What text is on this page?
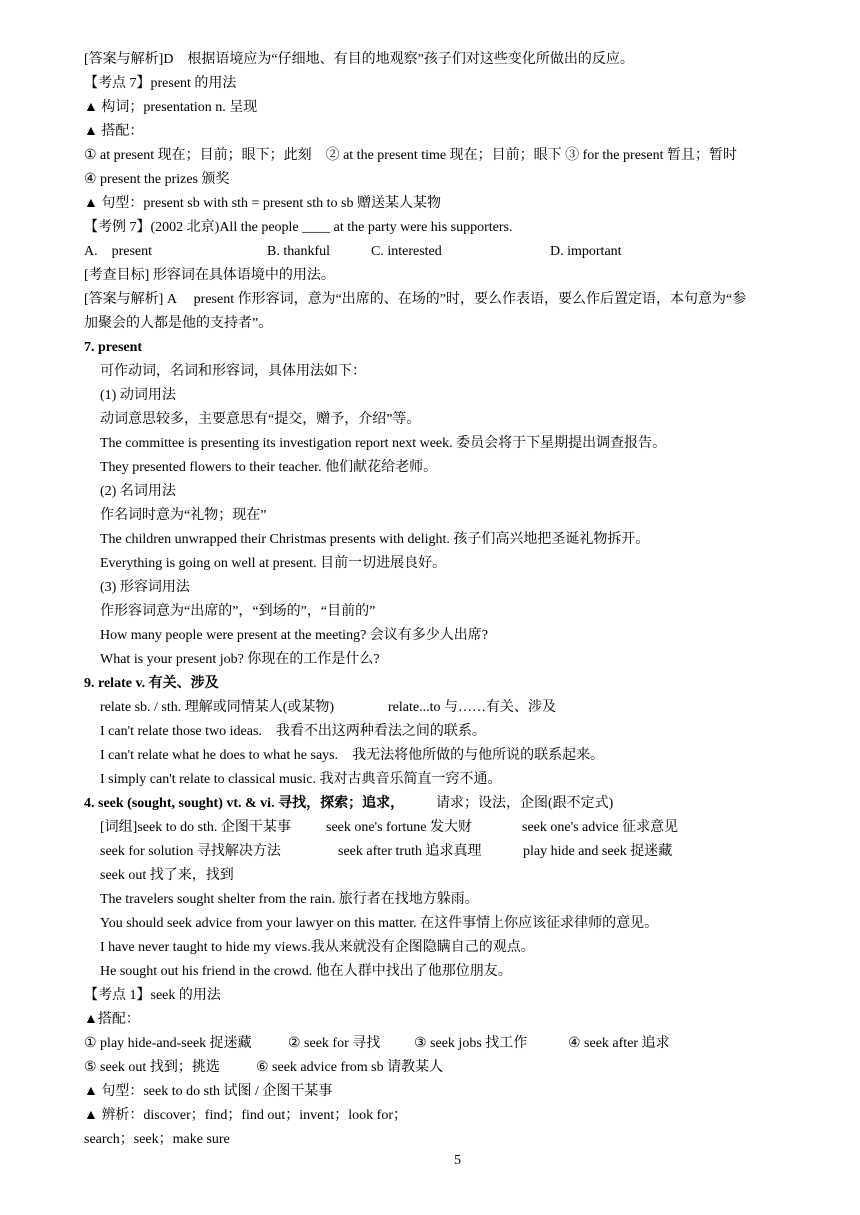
[答案与解析]D　根据语境应为“仔细地、有目的地观察”孩子们对这些变化所做出的反应。
【考点 7】present 的用法
▲ 构词；presentation n. 呈现
▲ 搭配：
① at present 现在；目前；眼下；此刻　② at the present time 现在；目前；眼下 ③ for the present 暂且；暂时
④ present the prizes 颁奖
▲ 句型：present sb with sth = present sth to sb 赠送某人某物
【考例 7】(2002 北京)All the people ____ at the party were his supporters.
A.　present	B. thankful	C. interested	D. important
[考查目标] 形容词在具体语境中的用法。
[答案与解析] A　 present 作形容词，意为“出席的、在场的”时，要么作表语，要么作后置定语，本句意为“参
加聚会的人都是他的支持者”。
7. present
可作动词，名词和形容词，具体用法如下：
(1) 动词用法
动词意思较多，主要意思有“提交，赠予，介绍”等。
The committee is presenting its investigation report next week. 委员会将于下星期提出调查报告。
They presented flowers to their teacher. 他们献花给老师。
(2) 名词用法
作名词时意为“礼物；现在”
The children unwrapped their Christmas presents with delight. 孩子们高兴地把圣诞礼物拆开。
Everything is going on well at present. 目前一切进展良好。
(3) 形容词用法
作形容词意为“出席的”，“到场的”，“目前的”
How many people were present at the meeting? 会议有多少人出席?
What is your present job? 你现在的工作是什么?
9. relate v. 有关、涉及
relate sb. / sth. 理解或同情某人(或某物)	relate...to 与……有关、涉及
I can't relate those two ideas.　我看不出这两种看法之间的联系。
I can't relate what he does to what he says.　我无法将他所做的与他所说的联系起来。
I simply can't relate to classical music. 我对古典音乐简直一窍不通。
4. seek (sought, sought) vt. & vi. 寻找，探索；追求， 请求；设法，企图(跟不定式)
[词组]seek to do sth. 企图干某事	seek one's fortune 发大财	seek one's advice 征求意见
seek for solution 寻找解决方法	seek after truth 追求真理	play hide and seek 捉迷藏
seek out 找了来，找到
The travelers sought shelter from the rain. 旅行者在找地方躲雨。
You should seek advice from your lawyer on this matter. 在这件事情上你应该征求律师的意见。
I have never taught to hide my views.我从来就没有企图隐瞒自己的观点。
He sought out his friend in the crowd. 他在人群中找出了他那位朋友。
【考点 1】seek 的用法
▲搭配：
① play hide-and-seek 捉迷藏	② seek for 寻找 ③ seek jobs 找工作	④ seek after 追求
⑤ seek out 找到；挑选	⑥ seek advice from sb 请教某人
▲ 句型：seek to do sth 试图 / 企图干某事
▲ 辨析：discover；find；find out；invent；look for；
search；seek；make sure
5
